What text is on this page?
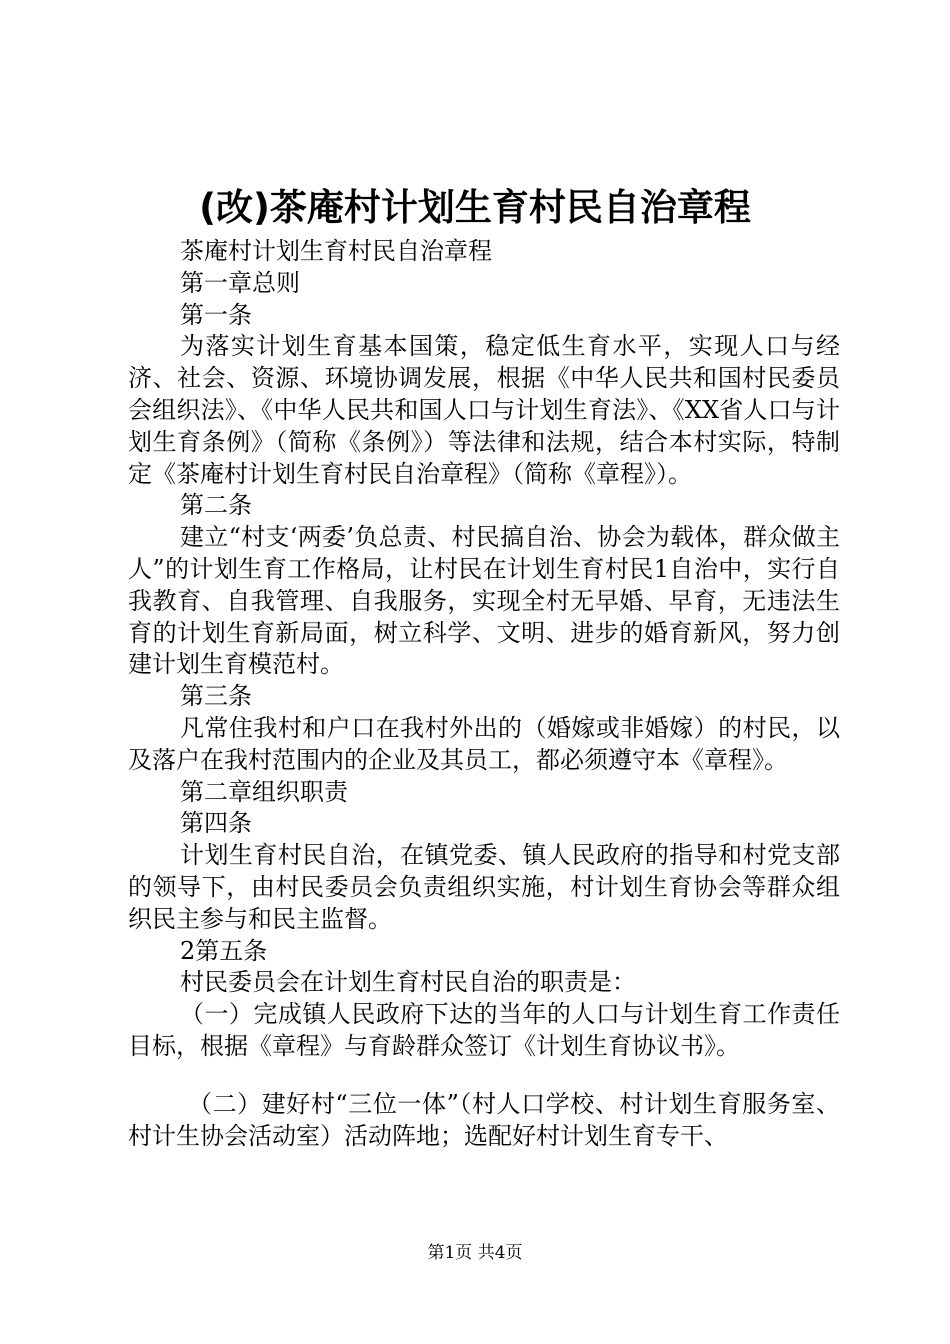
(改)茶庵村计划生育村民自治章程

茶庵村计划生育村民自治章程

第一章总则

第一条

为落实计划生育基本国策，稳定低生育水平，实现人口与经济、社会、资源、环境协调发展，根据《中华人民共和国村民委员会组织法》、《中华人民共和国人口与计划生育法》、《XX省人口与计划生育条例》（简称《条例》）等法律和法规，结合本村实际，特制定《茶庵村计划生育村民自治章程》（简称《章程》）。

第二条

建立“村支‘两委’负总责、村民搞自治、协会为载体，群众做主人”的计划生育工作格局，让村民在计划生育村民1自治中，实行自我教育、自我管理、自我服务，实现全村无早婚、早育，无违法生育的计划生育新局面，树立科学、文明、进步的婚育新风，努力创建计划生育模范村。

第三条

凡常住我村和户口在我村外出的（婚嫁或非婚嫁）的村民，以及落户在我村范围内的企业及其员工，都必须遵守本《章程》。

第二章组织职责

第四条

计划生育村民自治，在镇党委、镇人民政府的指导和村党支部的领导下，由村民委员会负责组织实施，村计划生育协会等群众组织民主参与和民主监督。

2第五条

村民委员会在计划生育村民自治的职责是：

（一）完成镇人民政府下达的当年的人口与计划生育工作责任目标，根据《章程》与育龄群众签订《计划生育协议书》。

（二）建好村“三位一体”（村人口学校、村计划生育服务室、村计生协会活动室）活动阵地；选配好村计划生育专干、

第1页 共4页
